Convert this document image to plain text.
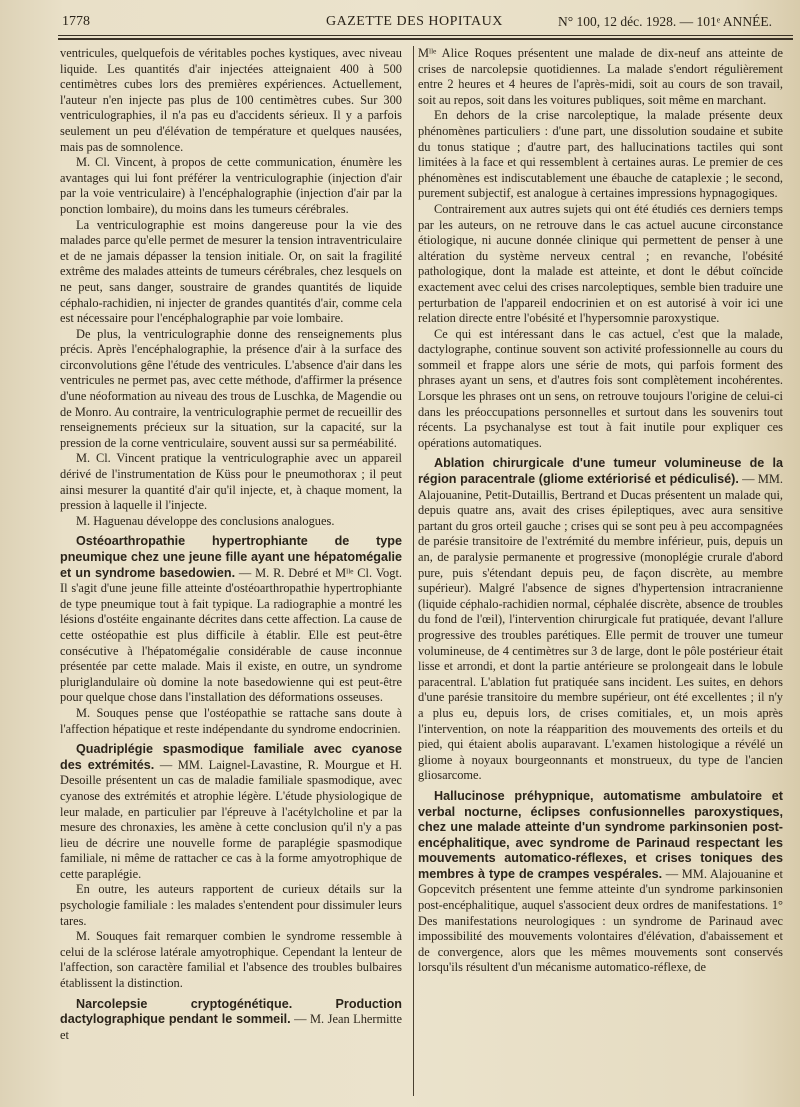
1778	GAZETTE DES HOPITAUX	N° 100, 12 déc. 1928. — 101ᵉ ANNÉE.

ventricules, quelquefois de véritables poches kystiques, avec niveau liquide. Les quantités d'air injectées atteignaient 400 à 500 centimètres cubes lors des premières expériences. Actuellement, l'auteur n'en injecte pas plus de 100 centimètres cubes. Sur 300 ventriculographies, il n'a pas eu d'accidents sérieux. Il y a parfois seulement un peu d'élévation de température et quelques nausées, mais pas de somnolence.

M. Cl. Vincent, à propos de cette communication, énumère les avantages qui lui font préférer la ventriculographie (injection d'air par la voie ventriculaire) à l'encéphalographie (injection d'air par la ponction lombaire), du moins dans les tumeurs cérébrales.

La ventriculographie est moins dangereuse pour la vie des malades parce qu'elle permet de mesurer la tension intraventriculaire et de ne jamais dépasser la tension initiale. Or, on sait la fragilité extrême des malades atteints de tumeurs cérébrales, chez lesquels on ne peut, sans danger, soustraire de grandes quantités de liquide céphalo-rachidien, ni injecter de grandes quantités d'air, comme cela est nécessaire pour l'encéphalographie par voie lombaire.

De plus, la ventriculographie donne des renseignements plus précis. Après l'encéphalographie, la présence d'air à la surface des circonvolutions gêne l'étude des ventricules. L'absence d'air dans les ventricules ne permet pas, avec cette méthode, d'affirmer la présence d'une néoformation au niveau des trous de Luschka, de Magendie ou de Monro. Au contraire, la ventriculographie permet de recueillir des renseignements précieux sur la situation, sur la capacité, sur la pression de la corne ventriculaire, souvent aussi sur sa perméabilité.

M. Cl. Vincent pratique la ventriculographie avec un appareil dérivé de l'instrumentation de Küss pour le pneumothorax ; il peut ainsi mesurer la quantité d'air qu'il injecte, et, à chaque moment, la pression à laquelle il l'injecte.

M. Haguenau développe des conclusions analogues.

Ostéoarthropathie hypertrophiante de type pneumique chez une jeune fille ayant une hépatomégalie et un syndrome basedowien. — M. R. Debré et Mˡˡᵉ Cl. Vogt. Il s'agit d'une jeune fille atteinte d'ostéoarthropathie hypertrophiante de type pneumique tout à fait typique. La radiographie a montré les lésions d'ostéite engainante décrites dans cette affection. La cause de cette ostéopathie est plus difficile à établir. Elle est peut-être consécutive à l'hépatomégalie considérable de cause inconnue présentée par cette malade. Mais il existe, en outre, un syndrome pluriglandulaire où domine la note basedowienne qui est peut-être pour quelque chose dans l'installation des déformations osseuses.

M. Souques pense que l'ostéopathie se rattache sans doute à l'affection hépatique et reste indépendante du syndrome endocrinien.

Quadriplégie spasmodique familiale avec cyanose des extrémités. — MM. Laignel-Lavastine, R. Mourgue et H. Desoille présentent un cas de maladie familiale spasmodique, avec cyanose des extrémités et atrophie légère. L'étude physiologique de leur malade, en particulier par l'épreuve à l'acétylcholine et par la mesure des chronaxies, les amène à cette conclusion qu'il n'y a pas lieu de décrire une nouvelle forme de paraplégie spasmodique familiale, ni même de rattacher ce cas à la forme amyotrophique de cette paraplégie.

En outre, les auteurs rapportent de curieux détails sur la psychologie familiale : les malades s'entendent pour dissimuler leurs tares.

M. Souques fait remarquer combien le syndrome ressemble à celui de la sclérose latérale amyotrophique. Cependant la lenteur de l'affection, son caractère familial et l'absence des troubles bulbaires établissent la distinction.

Narcolepsie cryptogénétique. Production dactylographique pendant le sommeil. — M. Jean Lhermitte et

Mˡˡᵉ Alice Roques présentent une malade de dix-neuf ans atteinte de crises de narcolepsie quotidiennes. La malade s'endort régulièrement entre 2 heures et 4 heures de l'après-midi, soit au cours de son travail, soit au repos, soit dans les voitures publiques, soit même en marchant.

En dehors de la crise narcoleptique, la malade présente deux phénomènes particuliers : d'une part, une dissolution soudaine et subite du tonus statique ; d'autre part, des hallucinations tactiles qui sont limitées à la face et qui ressemblent à certaines auras. Le premier de ces phénomènes est indiscutablement une ébauche de cataplexie ; le second, purement subjectif, est analogue à certaines impressions hypnagogiques.

Contrairement aux autres sujets qui ont été étudiés ces derniers temps par les auteurs, on ne retrouve dans le cas actuel aucune circonstance étiologique, ni aucune donnée clinique qui permettent de penser à une altération du système nerveux central ; en revanche, l'obésité pathologique, dont la malade est atteinte, et dont le début coïncide exactement avec celui des crises narcoleptiques, semble bien traduire une perturbation de l'appareil endocrinien et on est autorisé à voir ici une relation directe entre l'obésité et l'hypersomnie paroxystique.

Ce qui est intéressant dans le cas actuel, c'est que la malade, dactylographe, continue souvent son activité professionnelle au cours du sommeil et frappe alors une série de mots, qui parfois forment des phrases ayant un sens, et d'autres fois sont complètement incohérentes. Lorsque les phrases ont un sens, on retrouve toujours l'origine de celui-ci dans les préoccupations personnelles et surtout dans les souvenirs tout récents. La psychanalyse est tout à fait inutile pour expliquer ces opérations automatiques.

Ablation chirurgicale d'une tumeur volumineuse de la région paracentrale (gliome extériorisé et pédiculisé). — MM. Alajouanine, Petit-Dutaillis, Bertrand et Ducas présentent un malade qui, depuis quatre ans, avait des crises épileptiques, avec aura sensitive partant du gros orteil gauche ; crises qui se sont peu à peu accompagnées de parésie transitoire de l'extrémité du membre inférieur, puis, depuis un an, de paralysie permanente et progressive (monoplégie crurale d'abord pure, puis s'étendant depuis peu, de façon discrète, au membre supérieur). Malgré l'absence de signes d'hypertension intracranienne (liquide céphalo-rachidien normal, céphalée discrète, absence de troubles du fond de l'œil), l'intervention chirurgicale fut pratiquée, devant l'allure progressive des troubles parétiques. Elle permit de trouver une tumeur volumineuse, de 4 centimètres sur 3 de large, dont le pôle postérieur était lisse et arrondi, et dont la partie antérieure se prolongeait dans le lobule paracentral. L'ablation fut pratiquée sans incident. Les suites, en dehors d'une parésie transitoire du membre supérieur, ont été excellentes ; il n'y a plus eu, depuis lors, de crises comitiales, et, un mois après l'intervention, on note la réapparition des mouvements des orteils et du pied, qui étaient abolis auparavant. L'examen histologique a révélé un gliome à noyaux bourgeonnants et monstrueux, du type de l'ancien gliosarcome.
Hallucinose préhypnique, automatisme ambulatoire et verbal nocturne, éclipses confusionnelles paroxystiques, chez une malade atteinte d'un syndrome parkinsonien post-encéphalitique, avec syndrome de Parinaud respectant les mouvements automatico-réflexes, et crises toniques des membres à type de crampes vespérales. — MM. Alajouanine et Gopcevitch présentent une femme atteinte d'un syndrome parkinsonien post-encéphalitique, auquel s'associent deux ordres de manifestations. 1° Des manifestations neurologiques : un syndrome de Parinaud avec impossibilité des mouvements volontaires d'élévation, d'abaissement et de convergence, alors que les mêmes mouvements sont conservés lorsqu'ils résultent d'un mécanisme automatico-réflexe, de
